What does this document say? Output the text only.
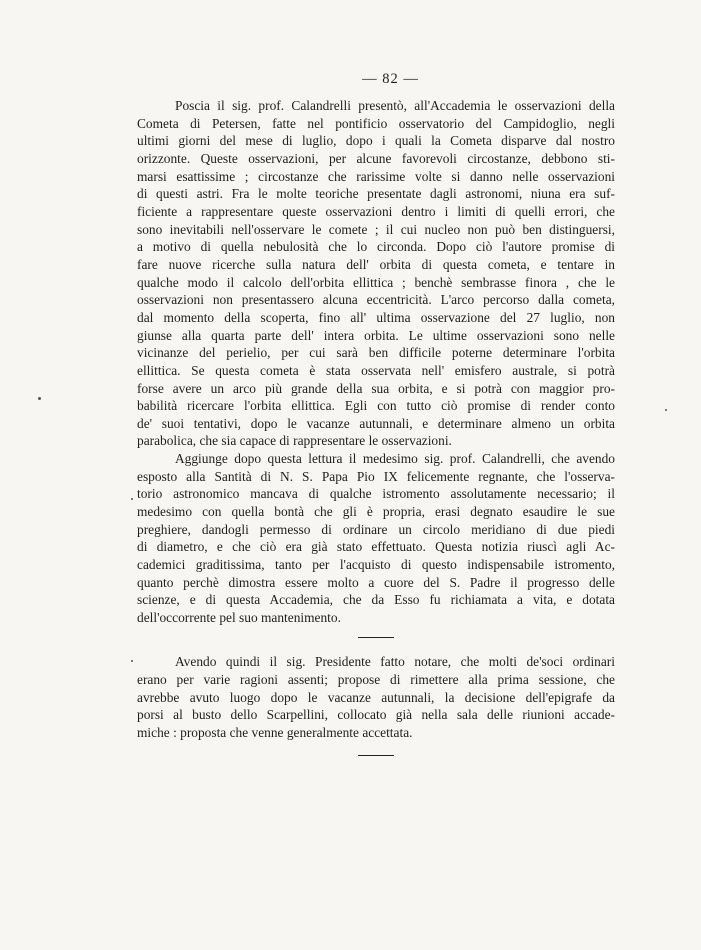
— 82 —
Poscia il sig. prof. Calandrelli presentò, all'Accademia le osservazioni della
Cometa di Petersen, fatte nel pontificio osservatorio del Campidoglio, negli
ultimi giorni del mese di luglio, dopo i quali la Cometa disparve dal nostro
orizzonte. Queste osservazioni, per alcune favorevoli circostanze, debbono sti-
marsi esattissime ; circostanze che rarissime volte si danno nelle osservazioni
di questi astri. Fra le molte teoriche presentate dagli astronomi, niuna era suf-
ficiente a rappresentare queste osservazioni dentro i limiti di quelli errori, che
sono inevitabili nell'osservare le comete ; il cui nucleo non può ben distinguersi,
a motivo di quella nebulosità che lo circonda. Dopo ciò l'autore promise di
fare nuove ricerche sulla natura dell' orbita di questa cometa, e tentare in
qualche modo il calcolo dell'orbita ellittica ; benchè sembrasse finora , che le
osservazioni non presentassero alcuna eccentricità. L'arco percorso dalla cometa,
dal momento della scoperta, fino all' ultima osservazione del 27 luglio, non
giunse alla quarta parte dell' intera orbita. Le ultime osservazioni sono nelle
vicinanze del perielio, per cui sarà ben difficile poterne determinare l'orbita
ellittica. Se questa cometa è stata osservata nell' emisfero australe, si potrà
forse avere un arco più grande della sua orbita, e si potrà con maggior pro-
babilità ricercare l'orbita ellittica. Egli con tutto ciò promise di render conto
de' suoi tentativi, dopo le vacanze autunnali, e determinare almeno un orbita
parabolica, che sia capace di rappresentare le osservazioni.
Aggiunge dopo questa lettura il medesimo sig. prof. Calandrelli, che avendo
esposto alla Santità di N. S. Papa Pio IX felicemente regnante, che l'osserva-
torio astronomico mancava di qualche istromento assolutamente necessario; il
medesimo con quella bontà che gli è propria, erasi degnato esaudire le sue
preghiere, dandogli permesso di ordinare un circolo meridiano di due piedi
di diametro, e che ciò era già stato effettuato. Questa notizia riuscì agli Ac-
cademici graditissima, tanto per l'acquisto di questo indispensabile istromento,
quanto perchè dimostra essere molto a cuore del S. Padre il progresso delle
scienze, e di questa Accademia, che da Esso fu richiamata a vita, e dotata
dell'occorrente pel suo mantenimento.
Avendo quindi il sig. Presidente fatto notare, che molti de'soci ordinari
erano per varie ragioni assenti; propose di rimettere alla prima sessione, che
avrebbe avuto luogo dopo le vacanze autunnali, la decisione dell'epigrafe da
porsi al busto dello Scarpellini, collocato già nella sala delle riunioni accade-
miche : proposta che venne generalmente accettata.
